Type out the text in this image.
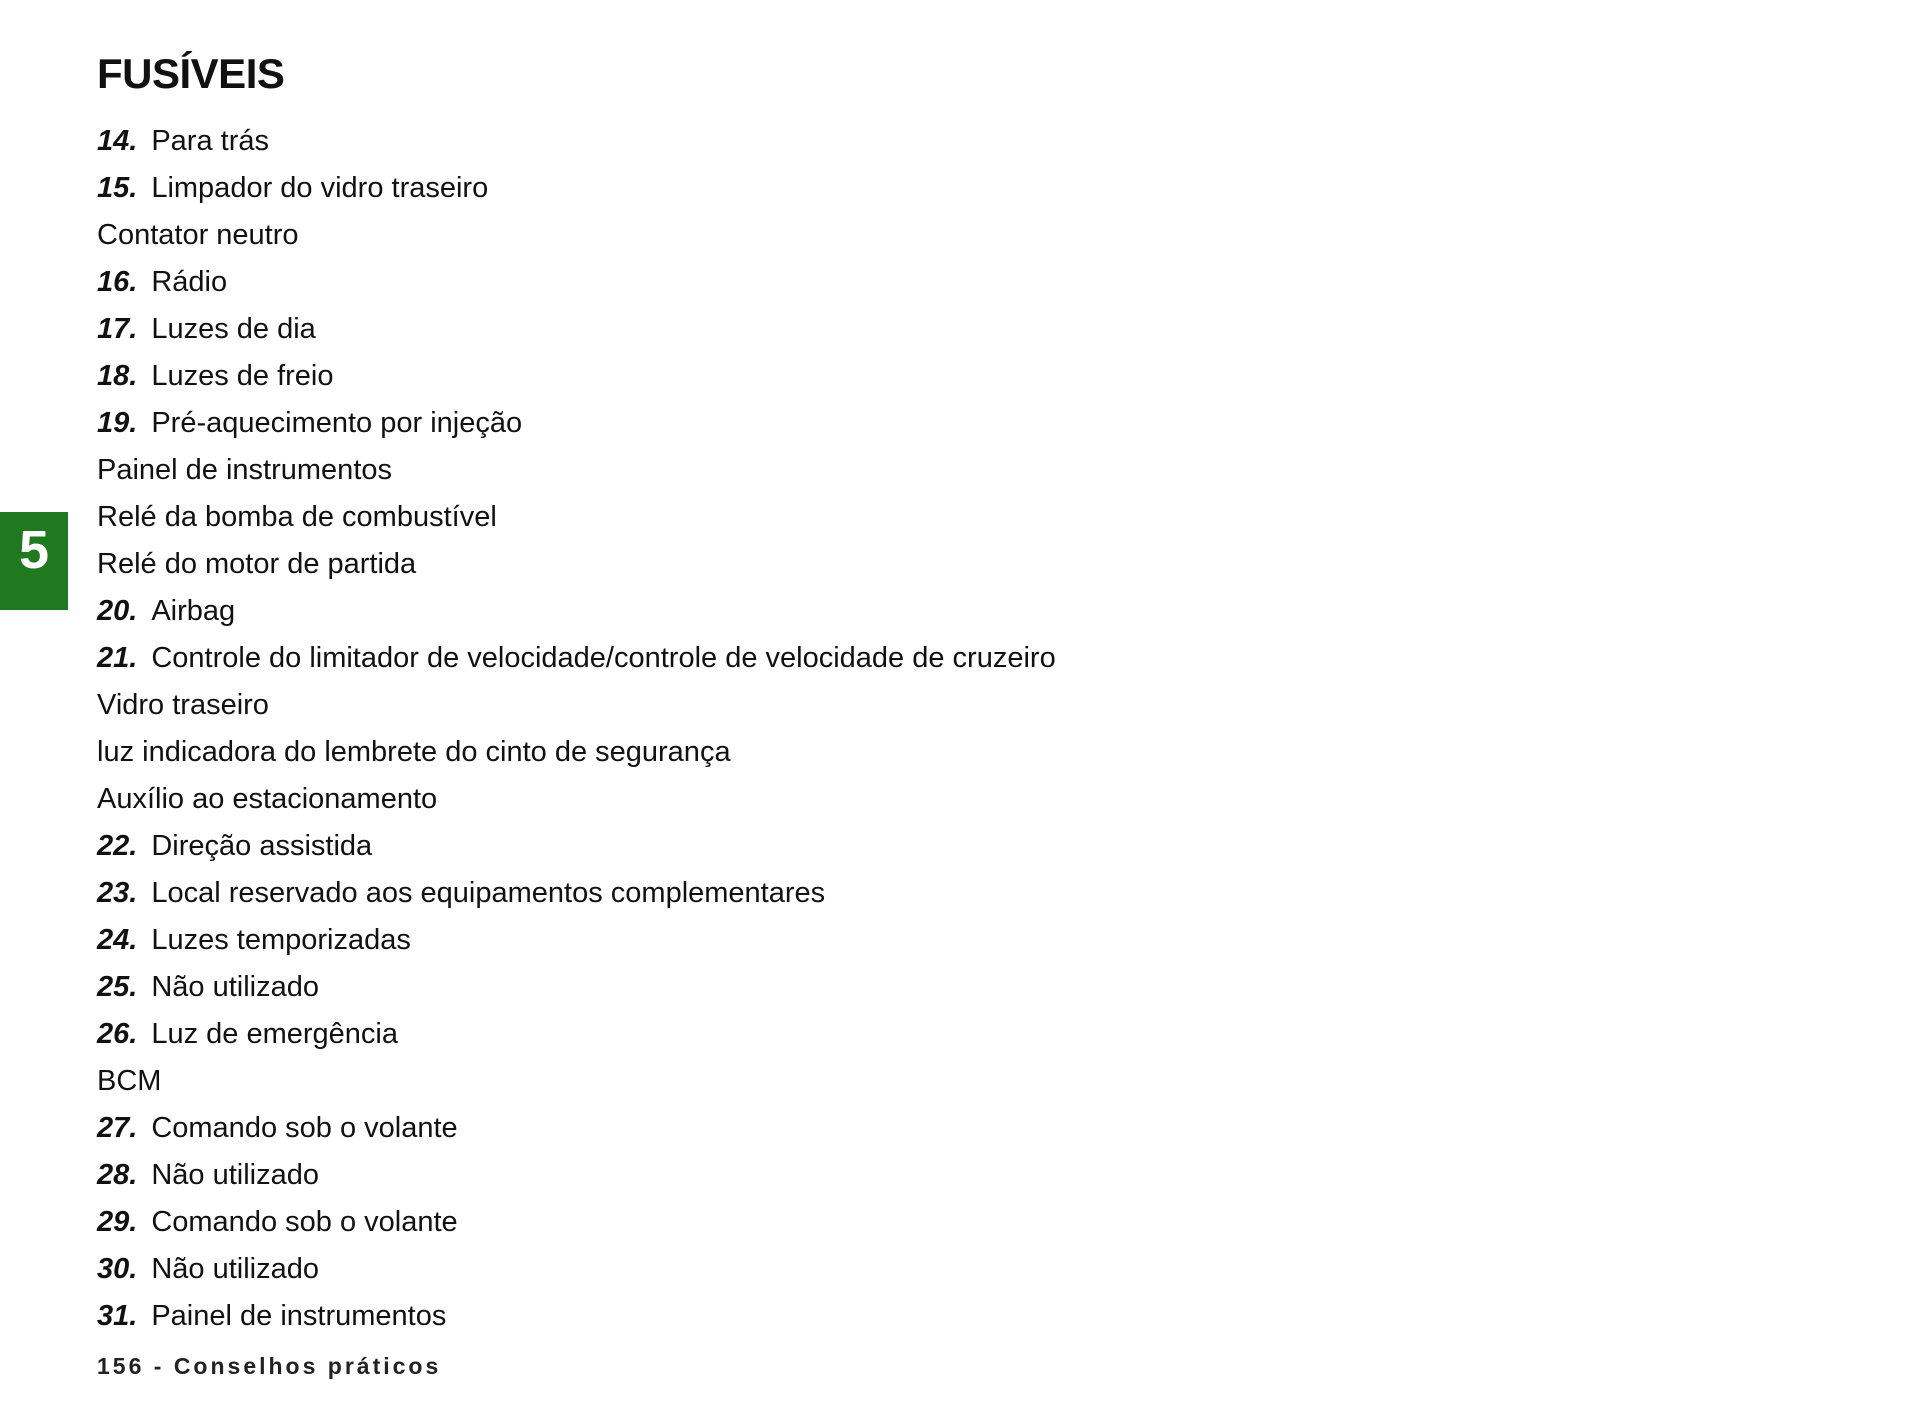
FUSÍVEIS
14. Para trás
15. Limpador do vidro traseiro
Contator neutro
16. Rádio
17. Luzes de dia
18. Luzes de freio
19. Pré-aquecimento por injeção
Painel de instrumentos
Relé da bomba de combustível
Relé do motor de partida
20. Airbag
21. Controle do limitador de velocidade/controle de velocidade de cruzeiro
Vidro traseiro
luz indicadora do lembrete do cinto de segurança
Auxílio ao estacionamento
22. Direção assistida
23. Local reservado aos equipamentos complementares
24. Luzes temporizadas
25. Não utilizado
26. Luz de emergência
BCM
27. Comando sob o volante
28. Não utilizado
29. Comando sob o volante
30. Não utilizado
31. Painel de instrumentos
5
156 - Conselhos práticos
